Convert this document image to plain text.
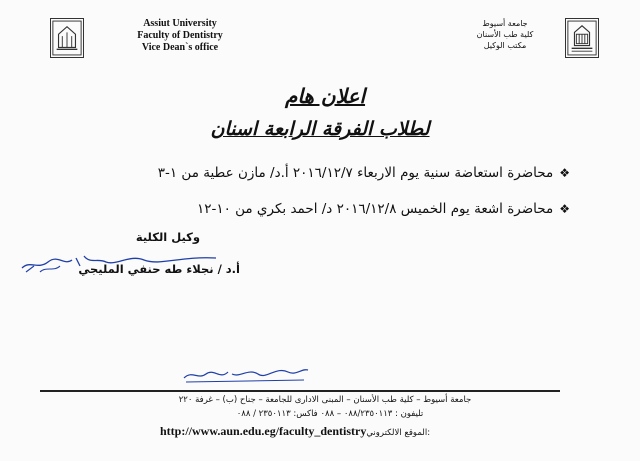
Assiut University
Faculty of Dentistry
Vice Dean`s office
جامعة أسيوط
كلية طب الأسنان
مكتب الوكيل
اعلان هام
لطلاب الفرقة الرابعة اسنان
❖محاضرة استعاضة سنية يوم الاربعاء ٢٠١٦/١٢/٧ أ.د/ مازن عطية من ١-٣
❖محاضرة اشعة يوم الخميس ٢٠١٦/١٢/٨ د/ احمد بكري من ١٠-١٢
وكيل الكلية
أ.د / نجلاء طه حنفي المليجي
جامعة أسيوط – كلية طب الأسنان – المبنى الادارى للجامعة – جناح (ب) – غرفة ٢٢٠
تليفون : ٠٨٨/٢٣٥٠١١٣ – ٠٨٨ فاكس: ٢٣٥٠١١٣ / ٠٨٨
http://www.aun.edu.eg/faculty_dentistryالموقع الالكتروني:
